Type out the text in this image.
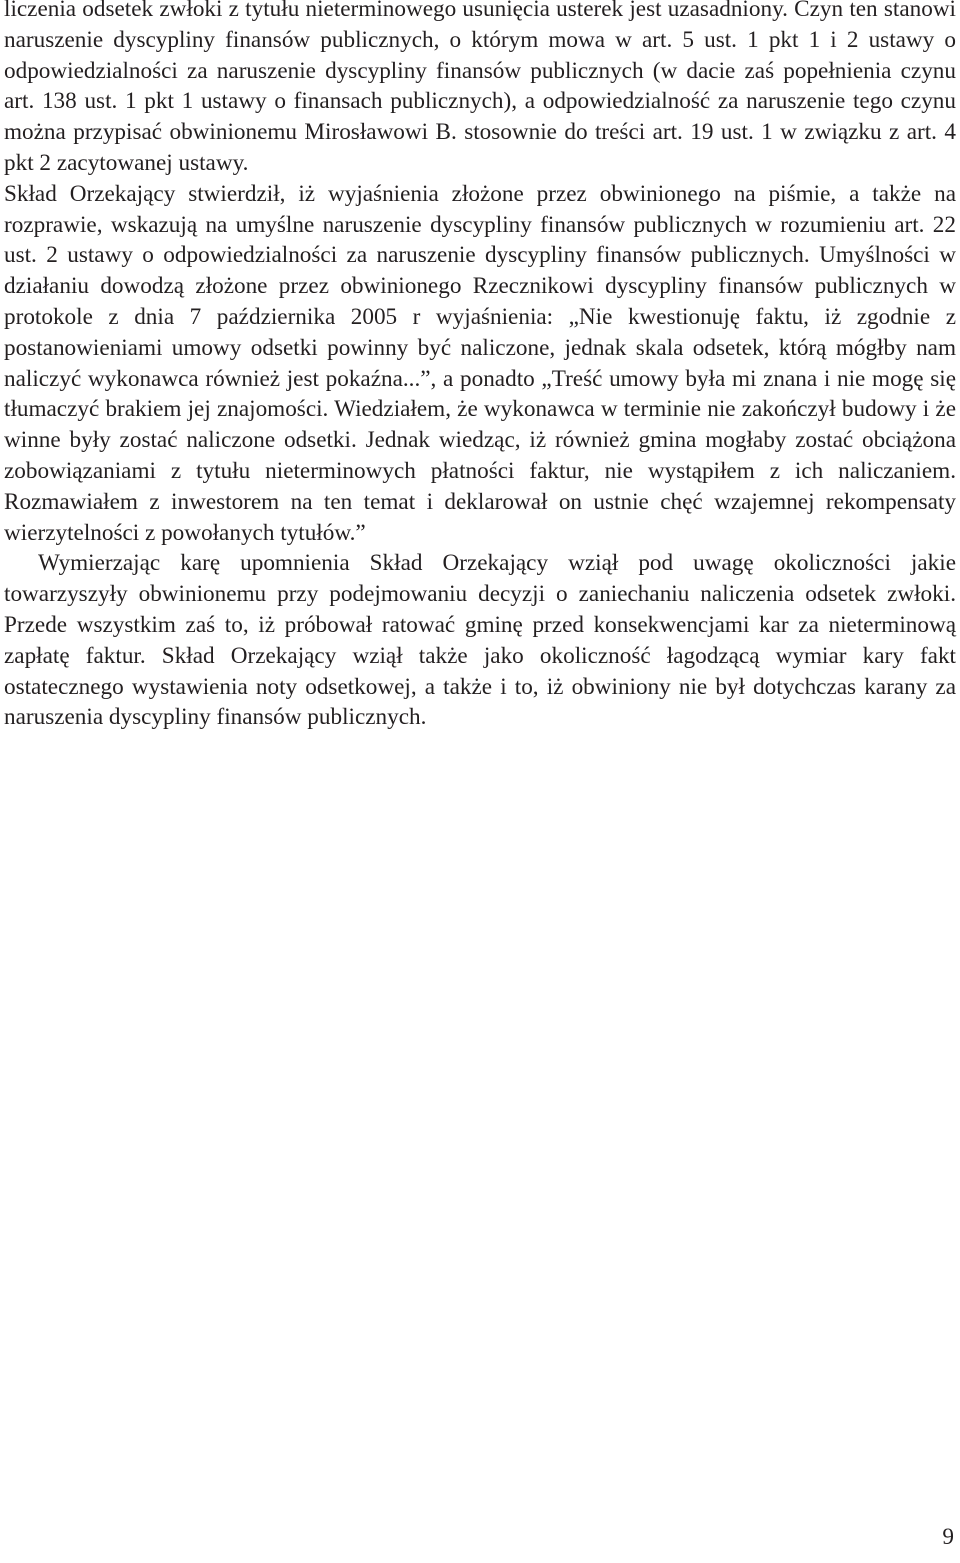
liczenia odsetek zwłoki z tytułu nieterminowego usunięcia usterek jest uzasadniony. Czyn ten stanowi naruszenie dyscypliny finansów publicznych, o którym mowa w art. 5 ust. 1 pkt 1 i 2 ustawy o odpowiedzialności za naruszenie dyscypliny finansów publicznych (w dacie zaś popełnienia czynu art. 138 ust. 1 pkt 1 ustawy o finansach publicznych), a odpowiedzialność za naruszenie tego czynu można przypisać obwinionemu Mirosławowi B. stosownie do treści art. 19 ust. 1 w związku z art. 4 pkt 2 zacytowanej ustawy.

Skład Orzekający stwierdził, iż wyjaśnienia złożone przez obwinionego na piśmie, a także na rozprawie, wskazują na umyślne naruszenie dyscypliny finansów publicznych w rozumieniu art. 22 ust. 2 ustawy o odpowiedzialności za naruszenie dyscypliny finansów publicznych. Umyślności w działaniu dowodzą złożone przez obwinionego Rzecznikowi dyscypliny finansów publicznych w protokole z dnia 7 października 2005 r wyjaśnienia: „Nie kwestionuję faktu, iż zgodnie z postanowieniami umowy odsetki powinny być naliczone, jednak skala odsetek, którą mógłby nam naliczyć wykonawca również jest pokaźna...”, a ponadto „Treść umowy była mi znana i nie mogę się tłumaczyć brakiem jej znajomości. Wiedziałem, że wykonawca w terminie nie zakończył budowy i że winne były zostać naliczone odsetki. Jednak wiedząc, iż również gmina mogłaby zostać obciążona zobowiązaniami z tytułu nieterminowych płatności faktur, nie wystąpiłem z ich naliczaniem. Rozmawiałem z inwestorem na ten temat i deklarował on ustnie chęć wzajemnej rekompensaty wierzytelności z powołanych tytułów.”

Wymierzając karę upomnienia Skład Orzekający wziął pod uwagę okoliczności jakie towarzyszyły obwinionemu przy podejmowaniu decyzji o zaniechaniu naliczenia odsetek zwłoki. Przede wszystkim zaś to, iż próbował ratować gminę przed konsekwencjami kar za nieterminową zapłatę faktur. Skład Orzekający wziął także jako okoliczność łagodzącą wymiar kary fakt ostatecznego wystawienia noty odsetkowej, a także i to, iż obwiniony nie był dotychczas karany za naruszenia dyscypliny finansów publicznych.

9
